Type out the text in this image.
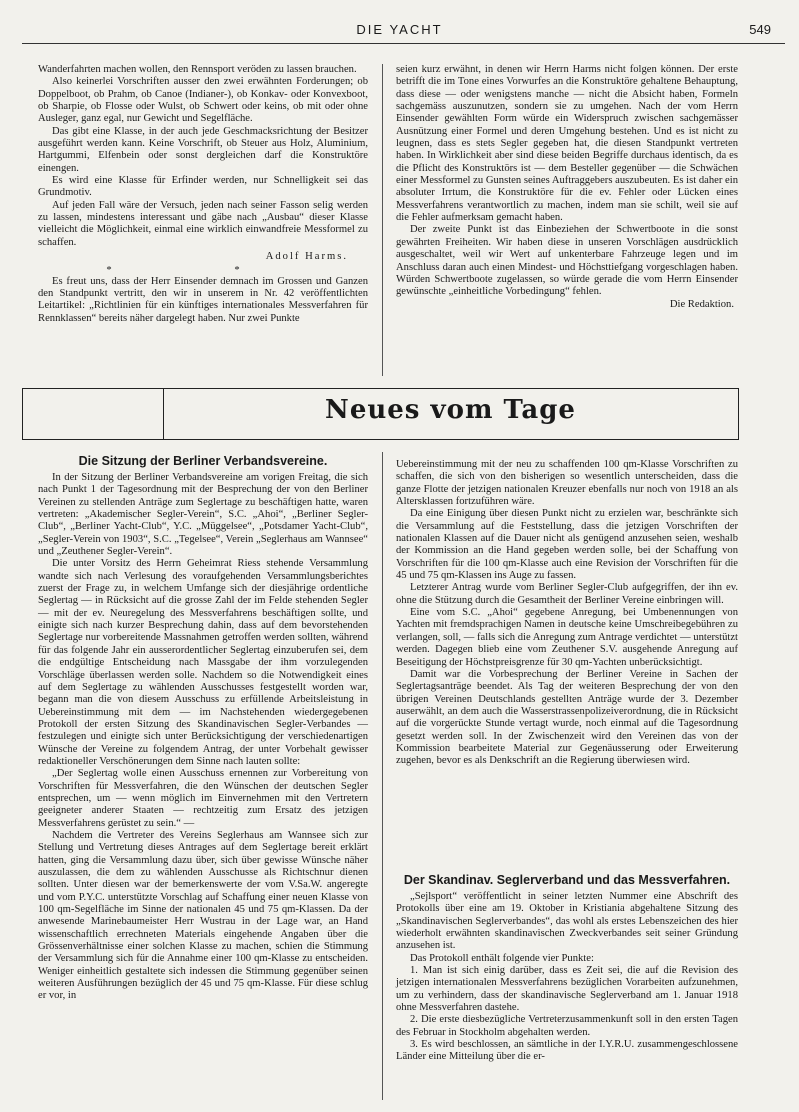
DIE YACHT	549

Wanderfahrten machen wollen, den Rennsport veröden zu lassen brauchen.

Also keinerlei Vorschriften ausser den zwei erwähnten Forderungen; ob Doppelboot, ob Prahm, ob Canoe (Indianer-), ob Konkav- oder Konvexboot, ob Sharpie, ob Flosse oder Wulst, ob Schwert oder keins, ob mit oder ohne Ausleger, ganz egal, nur Gewicht und Segelfläche.

Das gibt eine Klasse, in der auch jede Geschmacksrichtung der Besitzer ausgeführt werden kann. Keine Vorschrift, ob Steuer aus Holz, Aluminium, Hartgummi, Elfenbein oder sonst dergleichen darf die Konstruktöre einengen.

Es wird eine Klasse für Erfinder werden, nur Schnelligkeit sei das Grundmotiv.

Auf jeden Fall wäre der Versuch, jeden nach seiner Fasson selig werden zu lassen, mindestens interessant und gäbe nach „Ausbau“ dieser Klasse vielleicht die Möglichkeit, einmal eine wirklich einwandfreie Messformel zu schaffen.

Adolf Harms.
* *

Es freut uns, dass der Herr Einsender demnach im Grossen und Ganzen den Standpunkt vertritt, den wir in unserem in Nr. 42 veröffentlichten Leitartikel: „Richtlinien für ein künftiges internationales Messverfahren für Rennklassen“ bereits näher dargelegt haben. Nur zwei Punkte

seien kurz erwähnt, in denen wir Herrn Harms nicht folgen können. Der erste betrifft die im Tone eines Vorwurfes an die Konstruktöre gehaltene Behauptung, dass diese — oder wenigstens manche — nicht die Absicht haben, Formeln sachgemäss auszunutzen, sondern sie zu umgehen. Nach der vom Herrn Einsender gewählten Form würde ein Widerspruch zwischen sachgemässer Ausnützung einer Formel und deren Umgehung bestehen. Und es ist nicht zu leugnen, dass es stets Segler gegeben hat, die diesen Standpunkt vertreten haben. In Wirklichkeit aber sind diese beiden Begriffe durchaus identisch, da es die Pflicht des Konstruktörs ist — dem Besteller gegenüber — die Schwächen einer Messformel zu Gunsten seines Auftraggebers auszubeuten. Es ist daher ein absoluter Irrtum, die Konstruktöre für die ev. Fehler oder Lücken eines Messverfahrens verantwortlich zu machen, indem man sie schilt, weil sie auf die Fehler aufmerksam gemacht haben.

Der zweite Punkt ist das Einbeziehen der Schwertboote in die sonst gewährten Freiheiten. Wir haben diese in unseren Vorschlägen ausdrücklich ausgeschaltet, weil wir Wert auf unkenterbare Fahrzeuge legen und im Anschluss daran auch einen Mindest- und Höchsttiefgang vorgeschlagen haben. Würden Schwertboote zugelassen, so würde gerade die vom Herrn Einsender gewünschte „einheitliche Vorbedingung“ fehlen.

Die Redaktion.
Neues vom Tage
Die Sitzung der Berliner Verbandsvereine.

In der Sitzung der Berliner Verbandsvereine am vorigen Freitag, die sich nach Punkt 1 der Tagesordnung mit der Besprechung der von den Berliner Vereinen zu stellenden Anträge zum Seglertage zu beschäftigen hatte, waren vertreten: „Akademischer Segler-Verein“, S.C. „Ahoi“, „Berliner Segler-Club“, „Berliner Yacht-Club“, Y.C. „Müggelsee“, „Potsdamer Yacht-Club“, „Segler-Verein von 1903“, S.C. „Tegelsee“, Verein „Seglerhaus am Wannsee“ und „Zeuthener Segler-Verein“.

Die unter Vorsitz des Herrn Geheimrat Riess stehende Versammlung wandte sich nach Verlesung des voraufgehenden Versammlungsberichtes zuerst der Frage zu, in welchem Umfange sich der diesjährige ordentliche Seglertag — in Rücksicht auf die grosse Zahl der im Felde stehenden Segler — mit der ev. Neuregelung des Messverfahrens beschäftigen sollte, und einigte sich nach kurzer Besprechung dahin, dass auf dem bevorstehenden Seglertage nur vorbereitende Massnahmen getroffen werden sollten, während für das folgende Jahr ein ausserordentlicher Seglertag einzuberufen sei, dem die endgültige Entscheidung nach Massgabe der ihm vorzulegenden Vorschläge überlassen werden solle. Nachdem so die Notwendigkeit eines auf dem Seglertage zu wählenden Ausschusses festgestellt worden war, begann man die von diesem Ausschuss zu erfüllende Arbeitsleistung in Uebereinstimmung mit dem — im Nachstehenden wiedergegebenen Protokoll der ersten Sitzung des Skandinavischen Segler-Verbandes — festzulegen und einigte sich unter Berücksichtigung der verschiedenartigen Wünsche der Vereine zu folgendem Antrag, der unter Vorbehalt gewisser redaktioneller Verschönerungen dem Sinne nach lauten sollte:

„Der Seglertag wolle einen Ausschuss ernennen zur Vorbereitung von Vorschriften für Messverfahren, die den Wünschen der deutschen Segler entsprechen, um — wenn möglich im Einvernehmen mit den Vertretern geeigneter anderer Staaten — rechtzeitig zum Ersatz des jetzigen Messverfahrens gerüstet zu sein.“ —

Nachdem die Vertreter des Vereins Seglerhaus am Wannsee sich zur Stellung und Vertretung dieses Antrages auf dem Seglertage bereit erklärt hatten, ging die Versammlung dazu über, sich über gewisse Wünsche näher auszulassen, die dem zu wählenden Ausschusse als Richtschnur dienen sollten. Unter diesen war der bemerkenswerte der vom V.Sa.W. angeregte und vom P.Y.C. unterstützte Vorschlag auf Schaffung einer neuen Klasse von 100 qm-Segelfläche im Sinne der nationalen 45 und 75 qm-Klassen. Da der anwesende Marinebaumeister Herr Wustrau in der Lage war, an Hand wissenschaftlich errechneten Materials eingehende Angaben über die Grössenverhältnisse einer solchen Klasse zu machen, schien die Stimmung der Versammlung sich für die Annahme einer 100 qm-Klasse zu entscheiden. Weniger einheitlich gestaltete sich indessen die Stimmung gegenüber seinen weiteren Ausführungen bezüglich der 45 und 75 qm-Klasse. Für diese schlug er vor, in

Uebereinstimmung mit der neu zu schaffenden 100 qm-Klasse Vorschriften zu schaffen, die sich von den bisherigen so wesentlich unterscheiden, dass die ganze Flotte der jetzigen nationalen Kreuzer ebenfalls nur noch von 1918 an als Altersklassen fortzuführen wäre.

Da eine Einigung über diesen Punkt nicht zu erzielen war, beschränkte sich die Versammlung auf die Feststellung, dass die jetzigen Vorschriften der nationalen Klassen auf die Dauer nicht als genügend anzusehen seien, weshalb der Kommission an die Hand gegeben werden solle, bei der Schaffung von Vorschriften für die 100 qm-Klasse auch eine Revision der Vorschriften für die 45 und 75 qm-Klassen ins Auge zu fassen.

Letzterer Antrag wurde vom Berliner Segler-Club aufgegriffen, der ihn ev. ohne die Stützung durch die Gesamtheit der Berliner Vereine einbringen will.

Eine vom S.C. „Ahoi“ gegebene Anregung, bei Umbenennungen von Yachten mit fremdsprachigen Namen in deutsche keine Umschreibegebühren zu verlangen, soll, — falls sich die Anregung zum Antrage verdichtet — unterstützt werden. Dagegen blieb eine vom Zeuthener S.V. ausgehende Anregung auf Beseitigung der Höchstpreisgrenze für 30 qm-Yachten unberücksichtigt.

Damit war die Vorbesprechung der Berliner Vereine in Sachen der Seglertagsanträge beendet. Als Tag der weiteren Besprechung der von den übrigen Vereinen Deutschlands gestellten Anträge wurde der 3. Dezember auserwählt, an dem auch die Wasserstrassenpolizeiverordnung, die in Rücksicht auf die vorgerückte Stunde vertagt wurde, noch einmal auf die Tagesordnung gesetzt werden soll. In der Zwischenzeit wird den Vereinen das von der Kommission bearbeitete Material zur Gegenäusserung oder Erweiterung zugehen, bevor es als Denkschrift an die Regierung überwiesen wird.

Der Skandinav. Seglerverband und das Messverfahren.

„Sejlsport“ veröffentlicht in seiner letzten Nummer eine Abschrift des Protokolls über eine am 19. Oktober in Kristiania abgehaltene Sitzung des „Skandinavischen Seglerverbandes“, das wohl als erstes Lebenszeichen des hier wiederholt erwähnten skandinavischen Zweckverbandes seit seiner Gründung anzusehen ist.

Das Protokoll enthält folgende vier Punkte:

1. Man ist sich einig darüber, dass es Zeit sei, die auf die Revision des jetzigen internationalen Messverfahrens bezüglichen Vorarbeiten aufzunehmen, um zu verhindern, dass der skandinavische Seglerverband am 1. Januar 1918 ohne Messverfahren dastehe.

2. Die erste diesbezügliche Vertreterzusammenkunft soll in den ersten Tagen des Februar in Stockholm abgehalten werden.

3. Es wird beschlossen, an sämtliche in der I.Y.R.U. zusammengeschlossene Länder eine Mitteilung über die er-
